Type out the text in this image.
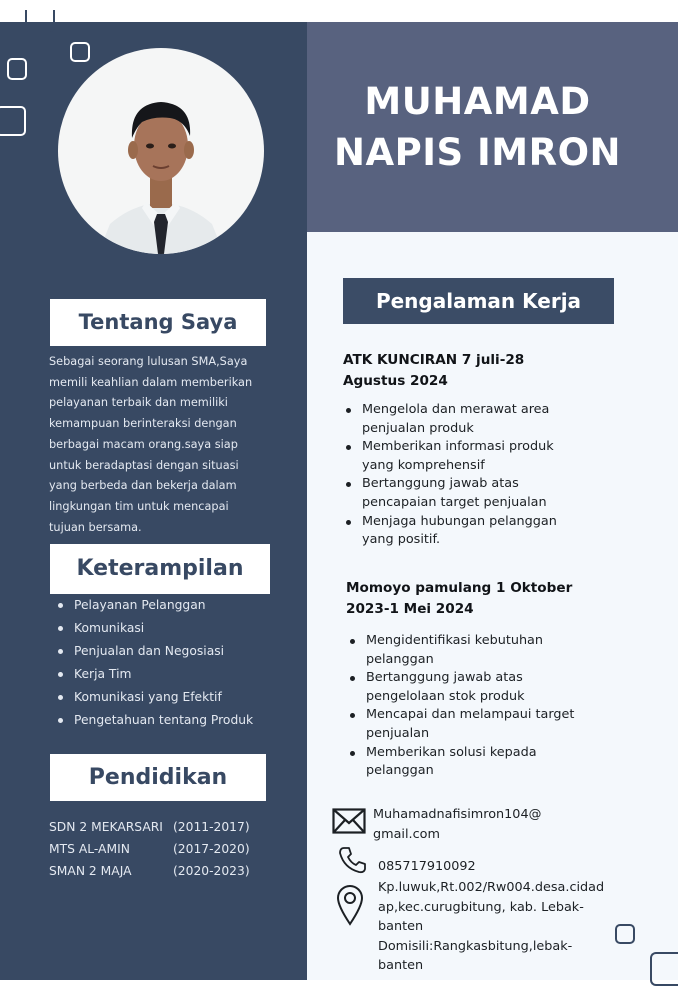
MUHAMAD
NAPIS IMRON
Tentang Saya
Sebagai seorang lulusan SMA,Saya
memili keahlian dalam memberikan
pelayanan terbaik dan memiliki
kemampuan berinteraksi dengan
berbagai macam orang.saya siap
untuk beradaptasi dengan situasi
yang berbeda dan bekerja dalam
lingkungan tim untuk mencapai
tujuan bersama.
Keterampilan
Pelayanan Pelanggan
Komunikasi
Penjualan dan Negosiasi
Kerja Tim
Komunikasi yang Efektif
Pengetahuan tentang Produk
Pendidikan
SDN 2 MEKARSARI (2011-2017)
MTS AL-AMIN	(2017-2020)
SMAN 2 MAJA	(2020-2023)
Pengalaman Kerja
ATK KUNCIRAN 7 juli-28
Agustus 2024
Mengelola dan merawat area
penjualan produk
Memberikan informasi produk
yang komprehensif
Bertanggung jawab atas
pencapaian target penjualan
Menjaga hubungan pelanggan
yang positif.
Momoyo pamulang 1 Oktober
2023-1 Mei 2024
Mengidentifikasi kebutuhan
pelanggan
Bertanggung jawab atas
pengelolaan stok produk
Mencapai dan melampaui target
penjualan
Memberikan solusi kepada
pelanggan
Muhamadnafisimron104@
gmail.com
085717910092
Kp.luwuk,Rt.002/Rw004.desa.cidad
ap,kec.curugbitung, kab. Lebak-
banten
Domisili:Rangkasbitung,lebak-
banten
